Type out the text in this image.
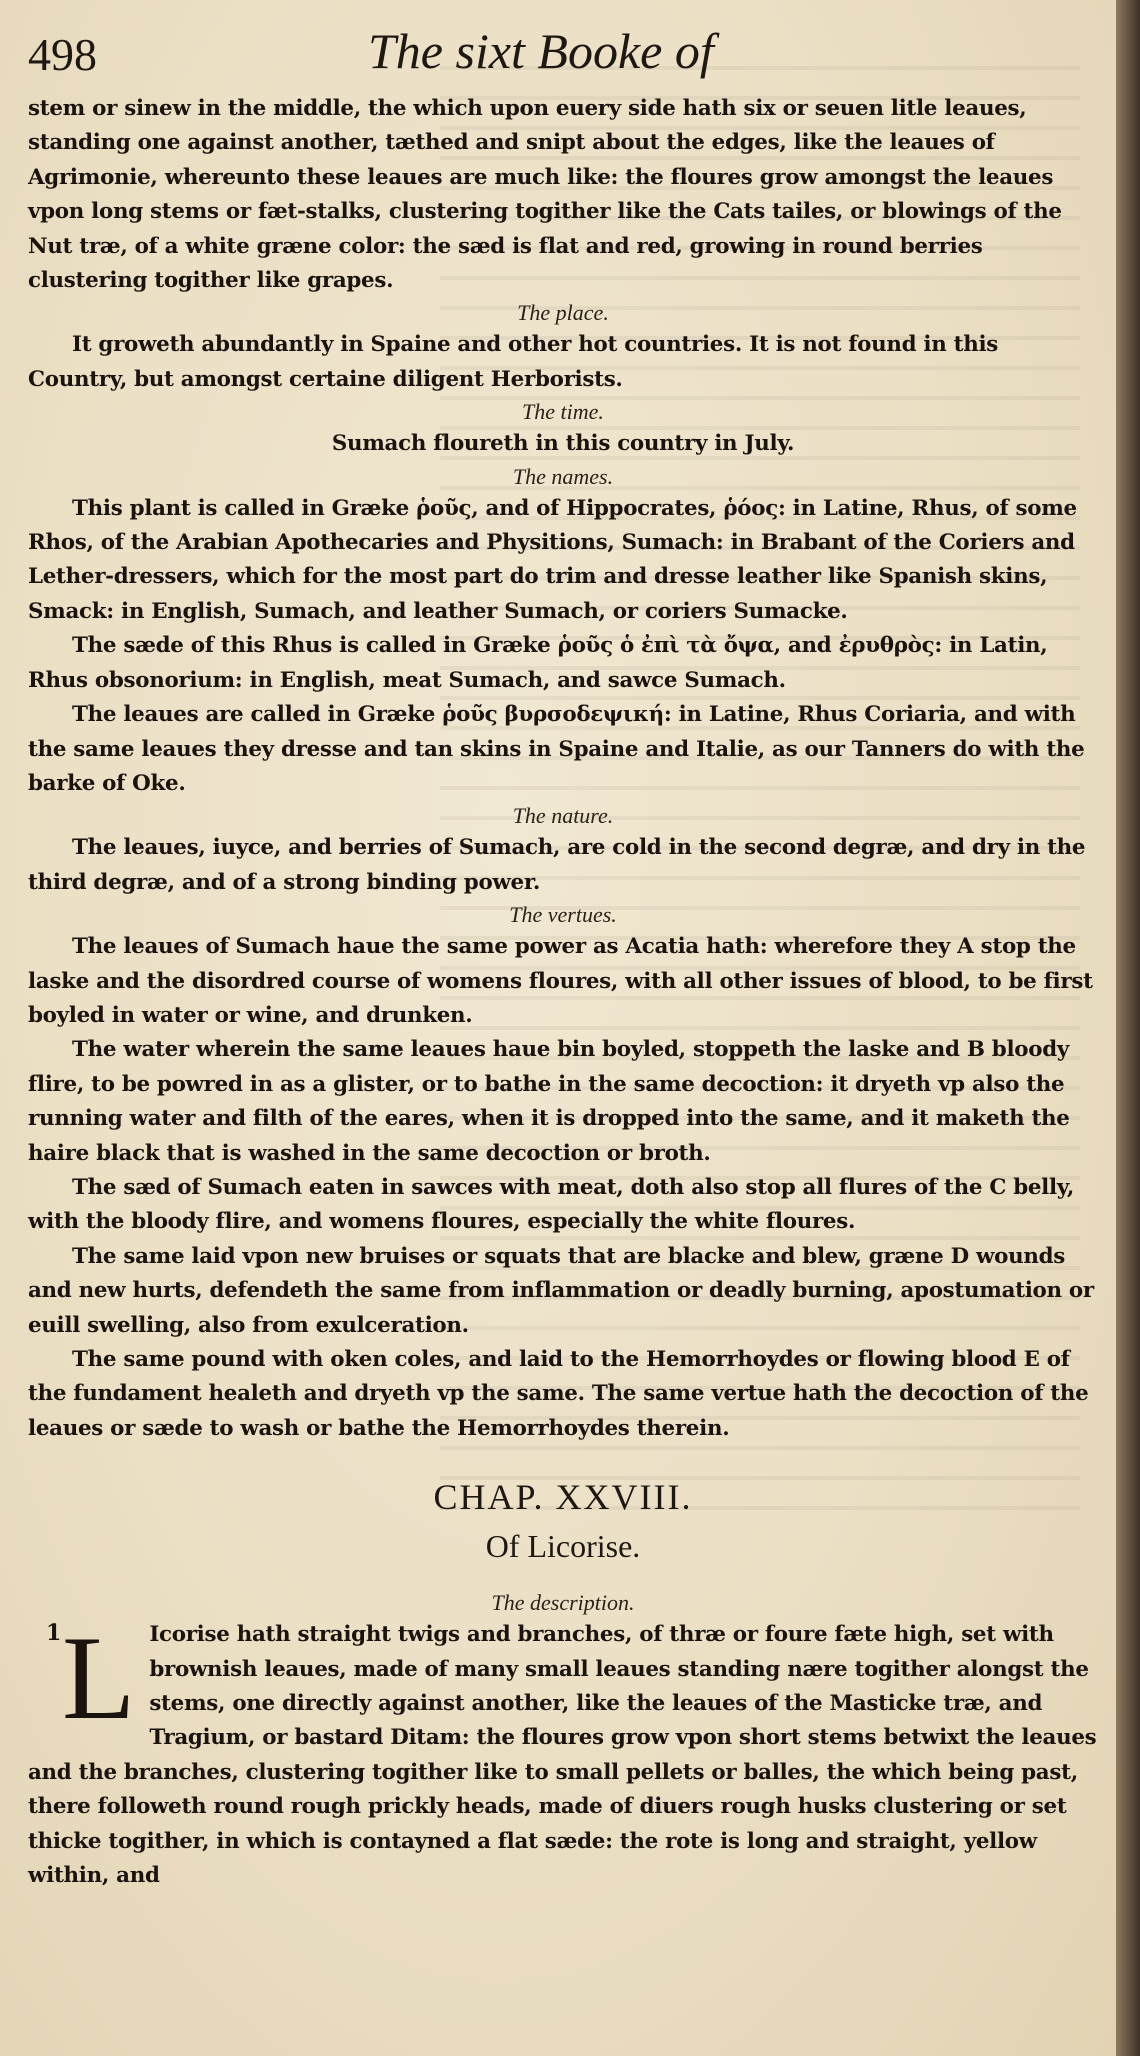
498	The sixt Booke of

stem or sinew in the middle, the which upon euery side hath six or seuen litle leaues, standing one against another, tæthed and snipt about the edges, like the leaues of Agrimonie, whereunto these leaues are much like: the floures grow amongst the leaues vpon long stems or fæt-stalks, clustering togither like the Cats tailes, or blowings of the Nut træ, of a white græne color: the sæd is flat and red, growing in round berries clustering togither like grapes.

The place.

It groweth abundantly in Spaine and other hot countries. It is not found in this Country, but amongst certaine diligent Herborists.

The time.

Sumach floureth in this country in July.

The names.

This plant is called in Græke ῥοῦς, and of Hippocrates, ῥόος: in Latine, Rhus, of some Rhos, of the Arabian Apothecaries and Physitions, Sumach: in Brabant of the Coriers and Lether-dressers, which for the most part do trim and dresse leather like Spanish skins, Smack: in English, Sumach, and leather Sumach, or coriers Sumacke.

The sæde of this Rhus is called in Græke ῥοῦς ὁ ἐπὶ τὰ ὄψα, and ἐρυθρὸς: in Latin, Rhus obsonorium: in English, meat Sumach, and sawce Sumach.

The leaues are called in Græke ῥοῦς βυρσοδεψική: in Latine, Rhus Coriaria, and with the same leaues they dresse and tan skins in Spaine and Italie, as our Tanners do with the barke of Oke.

The nature.

The leaues, iuyce, and berries of Sumach, are cold in the second degræ, and dry in the third degræ, and of a strong binding power.

The vertues.

The leaues of Sumach haue the same power as Acatia hath: wherefore they A stop the laske and the disordred course of womens floures, with all other issues of blood, to be first boyled in water or wine, and drunken.

The water wherein the same leaues haue bin boyled, stoppeth the laske and B bloody flire, to be powred in as a glister, or to bathe in the same decoction: it dryeth vp also the running water and filth of the eares, when it is dropped into the same, and it maketh the haire black that is washed in the same decoction or broth.

The sæd of Sumach eaten in sawces with meat, doth also stop all flures of the C belly, with the bloody flire, and womens floures, especially the white floures.

The same laid vpon new bruises or squats that are blacke and blew, græne D wounds and new hurts, defendeth the same from inflammation or deadly burning, apostumation or euill swelling, also from exulceration.

The same pound with oken coles, and laid to the Hemorrhoydes or flowing blood E of the fundament healeth and dryeth vp the same. The same vertue hath the decoction of the leaues or sæde to wash or bathe the Hemorrhoydes therein.

CHAP. XXVIII.
Of Licorise.
The description.
1 L Icorise hath straight twigs and branches, of thræ or foure fæte high, set with brownish leaues, made of many small leaues standing nære togither alongst the stems, one directly against another, like the leaues of the Masticke træ, and Tragium, or bastard Ditam: the floures grow vpon short stems betwixt the leaues and the branches, clustering togither like to small pellets or balles, the which being past, there followeth round rough prickly heads, made of diuers rough husks clustering or set thicke togither, in which is contayned a flat sæde: the rote is long and straight, yellow within, and
